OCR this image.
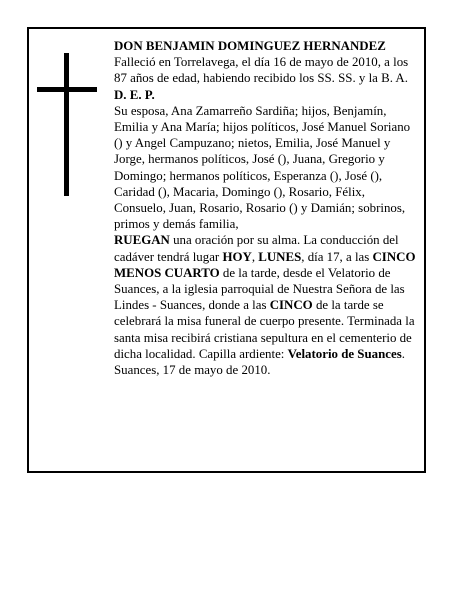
DON BENJAMIN DOMINGUEZ HERNANDEZ

Falleció en Torrelavega, el día 16 de mayo de 2010, a los 87 años de edad, habiendo recibido los SS. SS. y la B. A.

D. E. P.

Su esposa, Ana Zamarreño Sardiña; hijos, Benjamín, Emilia y Ana María; hijos políticos, José Manuel Soriano () y Angel Campuzano; nietos, Emilia, José Manuel y Jorge, hermanos políticos, José (), Juana, Gregorio y Domingo; hermanos políticos, Esperanza (), José (), Caridad (), Macaria, Domingo (), Rosario, Félix, Consuelo, Juan, Rosario, Rosario () y Damián; sobrinos, primos y demás familia,

RUEGAN una oración por su alma. La conducción del cadáver tendrá lugar HOY, LUNES, día 17, a las CINCO MENOS CUARTO de la tarde, desde el Velatorio de Suances, a la iglesia parroquial de Nuestra Señora de las Lindes - Suances, donde a las CINCO de la tarde se celebrará la misa funeral de cuerpo presente. Terminada la santa misa recibirá cristiana sepultura en el cementerio de dicha localidad. Capilla ardiente: Velatorio de Suances.

Suances, 17 de mayo de 2010.
